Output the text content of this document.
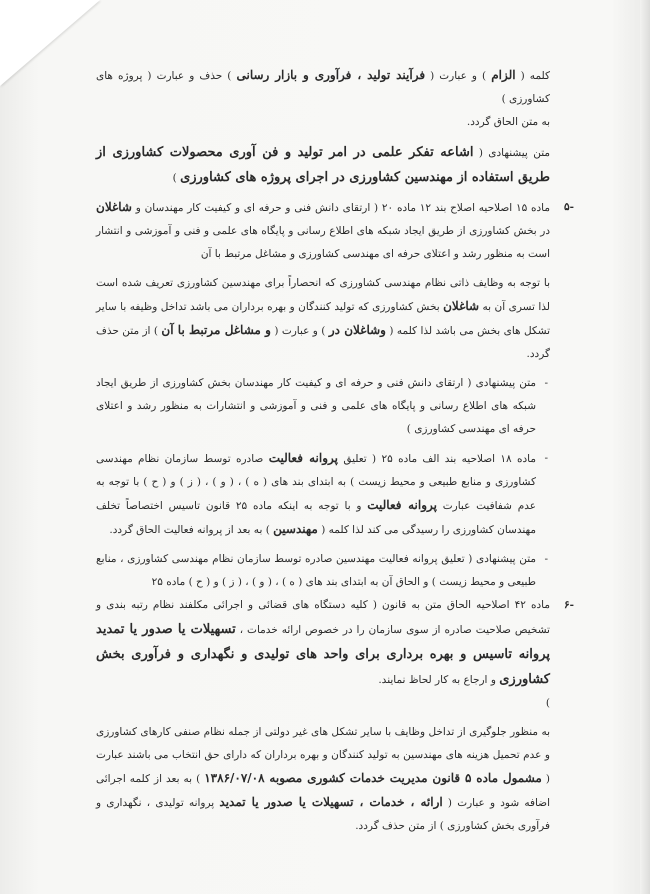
کلمه ( الزام ) و عبارت ( فرآیند تولید ، فرآوری و بازار رسانی ) حذف و عبارت ( پروژه های کشاورزی )

به متن الحاق گردد.

متن پیشنهادی ( اشاعه تفکر علمی در امر تولید و فن آوری محصولات کشاورزی از طریق استفاده از مهندسین کشاورزی در اجرای پروژه های کشاورزی )

-۵

ماده ۱۵ اصلاحیه اصلاح بند ۱۲ ماده ۲۰ ( ارتقای دانش فنی و حرفه ای و کیفیت کار مهندسان و شاغلان در بخش کشاورزی از طریق ایجاد شبکه های اطلاع رسانی و پایگاه های علمی و فنی و آموزشی و انتشار است به منظور رشد و اعتلای حرفه ای مهندسی کشاورزی و مشاغل مرتبط با آن

با توجه به وظایف ذاتی نظام مهندسی کشاورزی که انحصاراً برای مهندسین کشاورزی تعریف شده است لذا تسری آن به شاغلان بخش کشاورزی که تولید کنندگان و بهره برداران می باشد تداخل وظیفه با سایر تشکل های بخش می باشد لذا کلمه ( وشاغلان در ) و عبارت ( و مشاغل مرتبط با آن ) از متن حذف گردد.

-

متن پیشنهادی ( ارتقای دانش فنی و حرفه ای و کیفیت کار مهندسان بخش کشاورزی از طریق ایجاد شبکه های اطلاع رسانی و پایگاه های علمی و فنی و آموزشی و انتشارات به منظور رشد و اعتلای حرفه ای مهندسی کشاورزی )

-

ماده ۱۸ اصلاحیه بند الف ماده ۲۵ ( تعلیق پروانه فعالیت صادره توسط سازمان نظام مهندسی کشاورزی و منابع طبیعی و محیط زیست ) به ابتدای بند های ( ه ) ، ( و ) ، ( ز ) و ( ح ) با توجه به عدم شفافیت عبارت پروانه فعالیت و با توجه به اینکه ماده ۲۵ قانون تاسیس اختصاصاً تخلف مهندسان کشاورزی را رسیدگی می کند لذا کلمه ( مهندسین ) به بعد از پروانه فعالیت الحاق گردد.

-

متن پیشنهادی ( تعلیق پروانه فعالیت مهندسین صادره توسط سازمان نظام مهندسی کشاورزی ، منابع طبیعی و محیط زیست ) و الحاق آن به ابتدای بند های ( ه ) ، ( و ) ، ( ز ) و ( ح ) ماده ۲۵

-۶

ماده ۴۲ اصلاحیه الحاق متن به قانون ( کلیه دستگاه های قضائی و اجرائی مکلفند نظام رتبه بندی و تشخیص صلاحیت صادره از سوی سازمان را در خصوص ارائه خدمات ، تسهیلات یا صدور یا تمدید پروانه تاسیس و بهره برداری برای واحد های تولیدی و نگهداری و فرآوری بخش کشاورزی و ارجاع به کار لحاظ نمایند.

)

به منظور جلوگیری از تداخل وظایف با سایر تشکل های غیر دولتی از جمله نظام صنفی کارهای کشاورزی و عدم تحمیل هزینه های مهندسین به تولید کنندگان و بهره برداران که دارای حق انتخاب می باشند عبارت ( مشمول ماده ۵ قانون مدیریت خدمات کشوری مصوبه ۱۳۸۶/۰۷/۰۸ ) به بعد از کلمه اجرائی اضافه شود و عبارت ( ارائه ، خدمات ، تسهیلات یا صدور یا تمدید پروانه تولیدی ، نگهداری و فرآوری بخش کشاورزی ) از متن حذف گردد.
